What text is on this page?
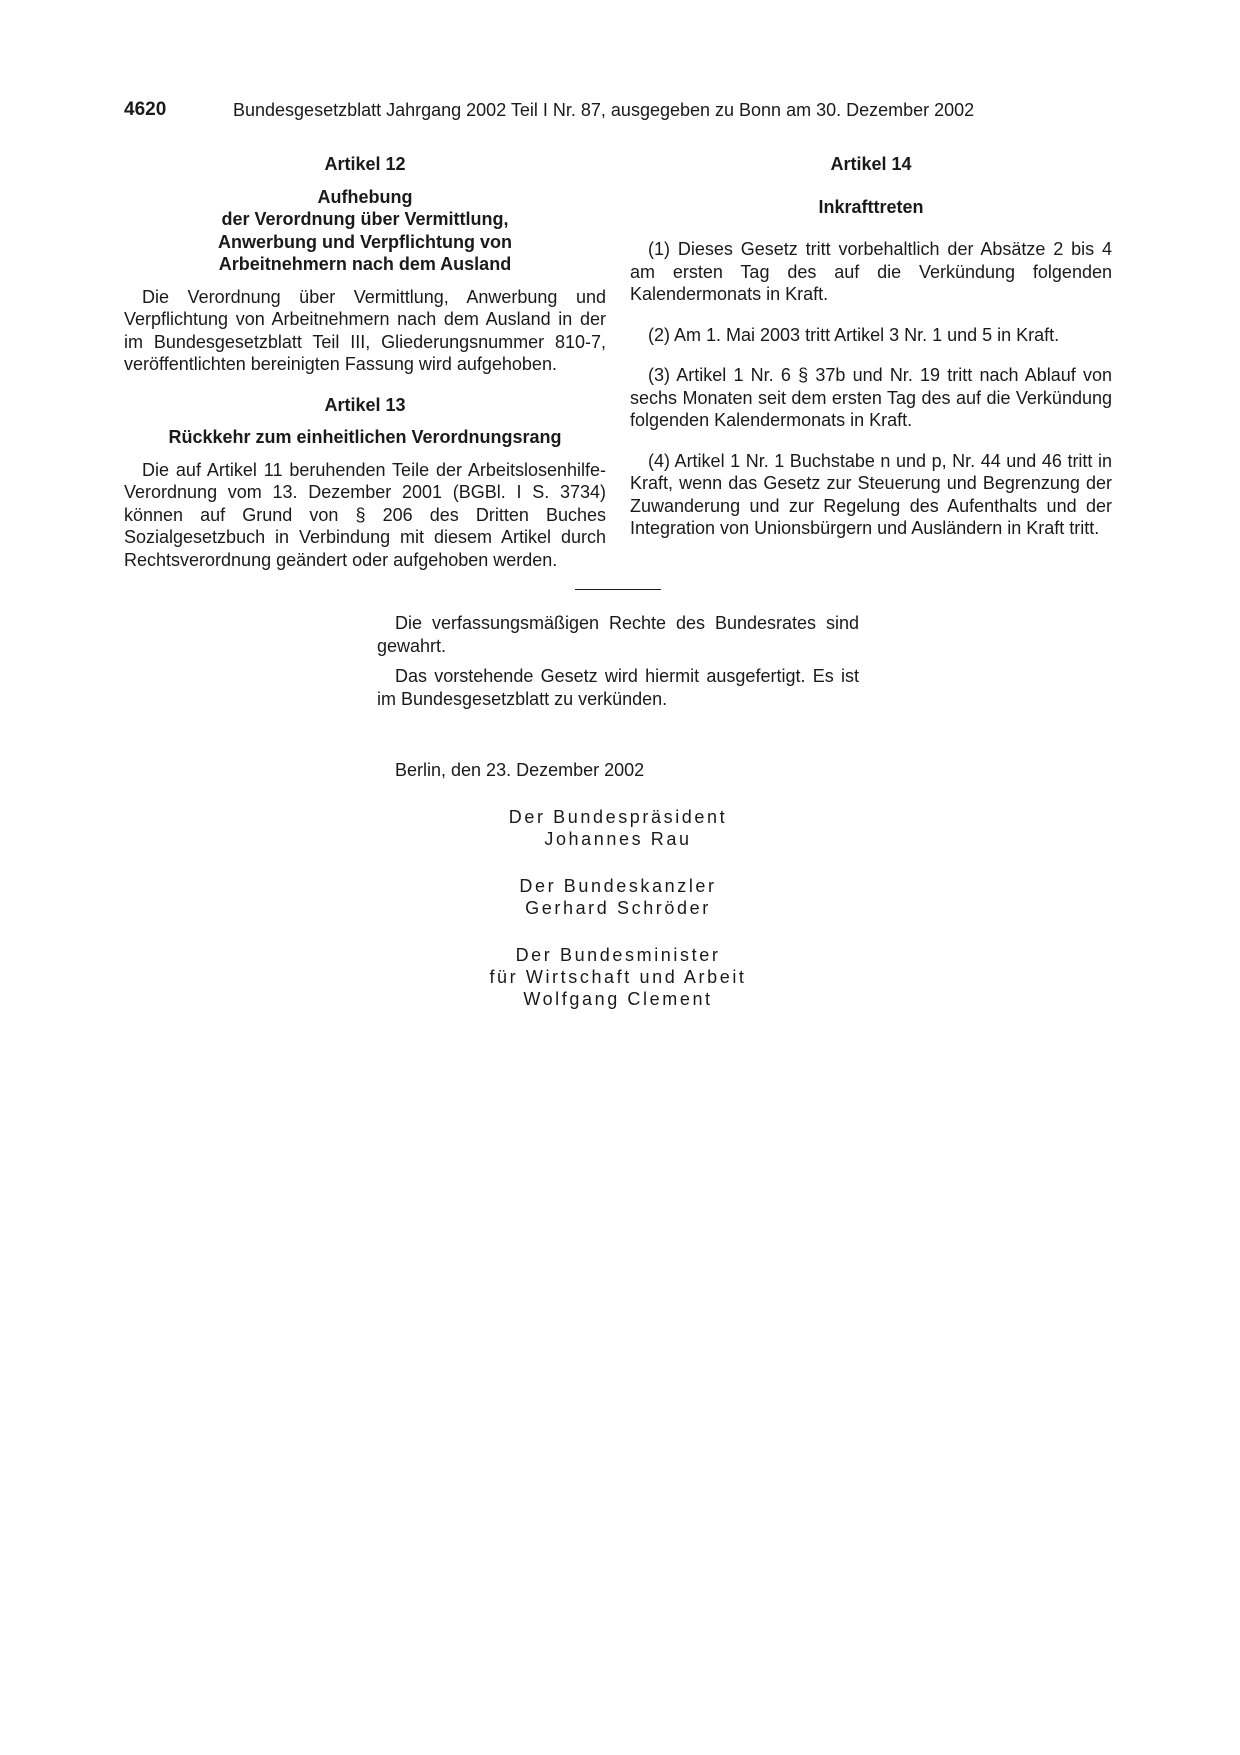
4620	Bundesgesetzblatt Jahrgang 2002 Teil I Nr. 87, ausgegeben zu Bonn am 30. Dezember 2002

Artikel 12

Aufhebung

der Verordnung über Vermittlung,

Anwerbung und Verpflichtung von

Arbeitnehmern nach dem Ausland

Die Verordnung über Vermittlung, Anwerbung und Verpflichtung von Arbeitnehmern nach dem Ausland in der im Bundesgesetzblatt Teil III, Gliederungsnummer 810-7, veröffentlichten bereinigten Fassung wird aufgehoben.

Artikel 13

Rückkehr zum einheitlichen Verordnungsrang

Die auf Artikel 11 beruhenden Teile der Arbeitslosenhilfe-Verordnung vom 13. Dezember 2001 (BGBl. I S. 3734) können auf Grund von § 206 des Dritten Buches Sozialgesetzbuch in Verbindung mit diesem Artikel durch Rechtsverordnung geändert oder aufgehoben werden.

Artikel 14

Inkrafttreten

(1) Dieses Gesetz tritt vorbehaltlich der Absätze 2 bis 4 am ersten Tag des auf die Verkündung folgenden Kalendermonats in Kraft.

(2) Am 1. Mai 2003 tritt Artikel 3 Nr. 1 und 5 in Kraft.

(3) Artikel 1 Nr. 6 § 37b und Nr. 19 tritt nach Ablauf von sechs Monaten seit dem ersten Tag des auf die Verkündung folgenden Kalendermonats in Kraft.

(4) Artikel 1 Nr. 1 Buchstabe n und p, Nr. 44 und 46 tritt in Kraft, wenn das Gesetz zur Steuerung und Begrenzung der Zuwanderung und zur Regelung des Aufenthalts und der Integration von Unionsbürgern und Ausländern in Kraft tritt.

Die verfassungsmäßigen Rechte des Bundesrates sind gewahrt.

Das vorstehende Gesetz wird hiermit ausgefertigt. Es ist im Bundesgesetzblatt zu verkünden.

Berlin, den 23. Dezember 2002
Der Bundespräsident
Johannes Rau
Der Bundeskanzler
Gerhard Schröder
Der Bundesminister
für Wirtschaft und Arbeit
Wolfgang Clement
